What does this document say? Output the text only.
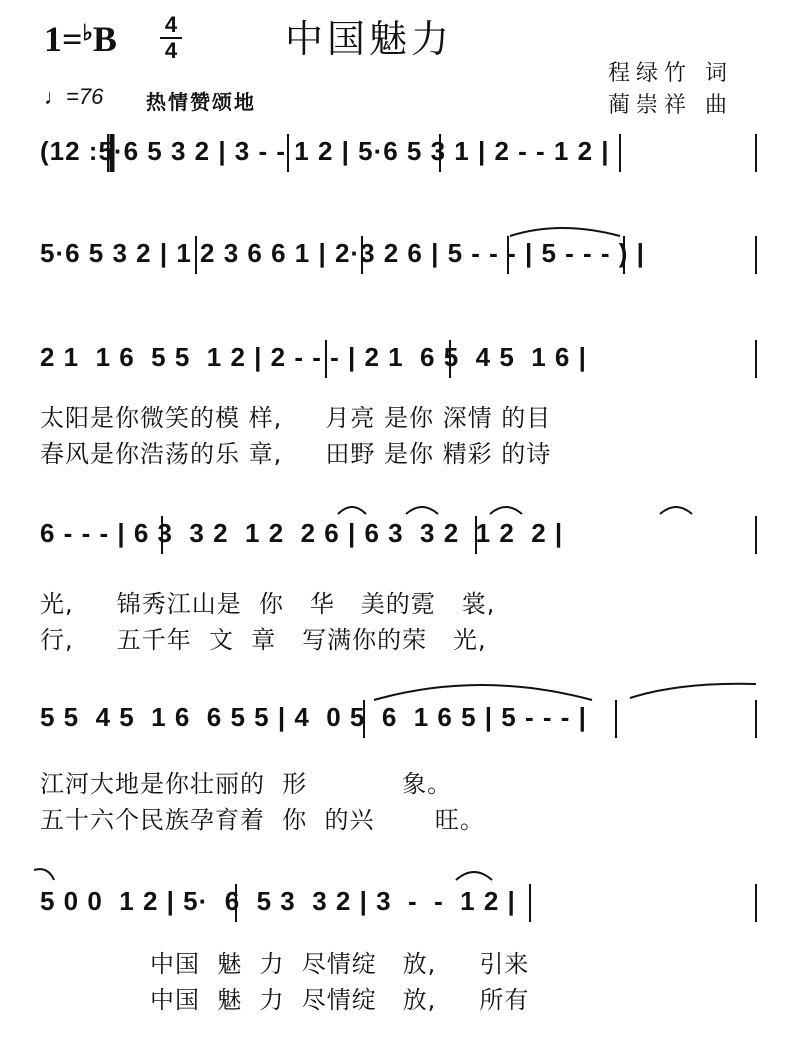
1=♭B 4
4	中国魅力
程绿竹 词
蔺崇祥 曲
♩=76 热情赞颂地
(12 :5·6 5 3 2 | 3 - - 1 2 | 5·6 5 3 1 | 2 - - 1 2 |
5·6 5 3 2 | 1 2 3 6 6 1 | 2·3 2 6 | 5 - - - | 5 - - - ) |
2 1  1 6  5 5  1 2 | 2 - - - | 2 1  6 5  4 5  1 6 |
太阳是你微笑的模 样,     月亮 是你 深情 的目
春风是你浩荡的乐 章,     田野 是你 精彩 的诗
6 - - - | 6 3  3 2  1 2  2 6 | 6 3  3 2  1 2  2 |
光,     锦秀江山是  你   华   美的霓   裳,
行,     五千年  文  章   写满你的荣   光,
5 5  4 5  1 6  6 5 5 | 4  0 5  6  1 6 5 | 5 - - - |
江河大地是你壮丽的  形           象。
五十六个民族孕育着  你  的兴       旺。
5 0 0  1 2 | 5·  6  5 3  3 2 | 3  -  -  1 2 |
中国  魅  力  尽情绽   放,     引来
中国  魅  力  尽情绽   放,     所有
